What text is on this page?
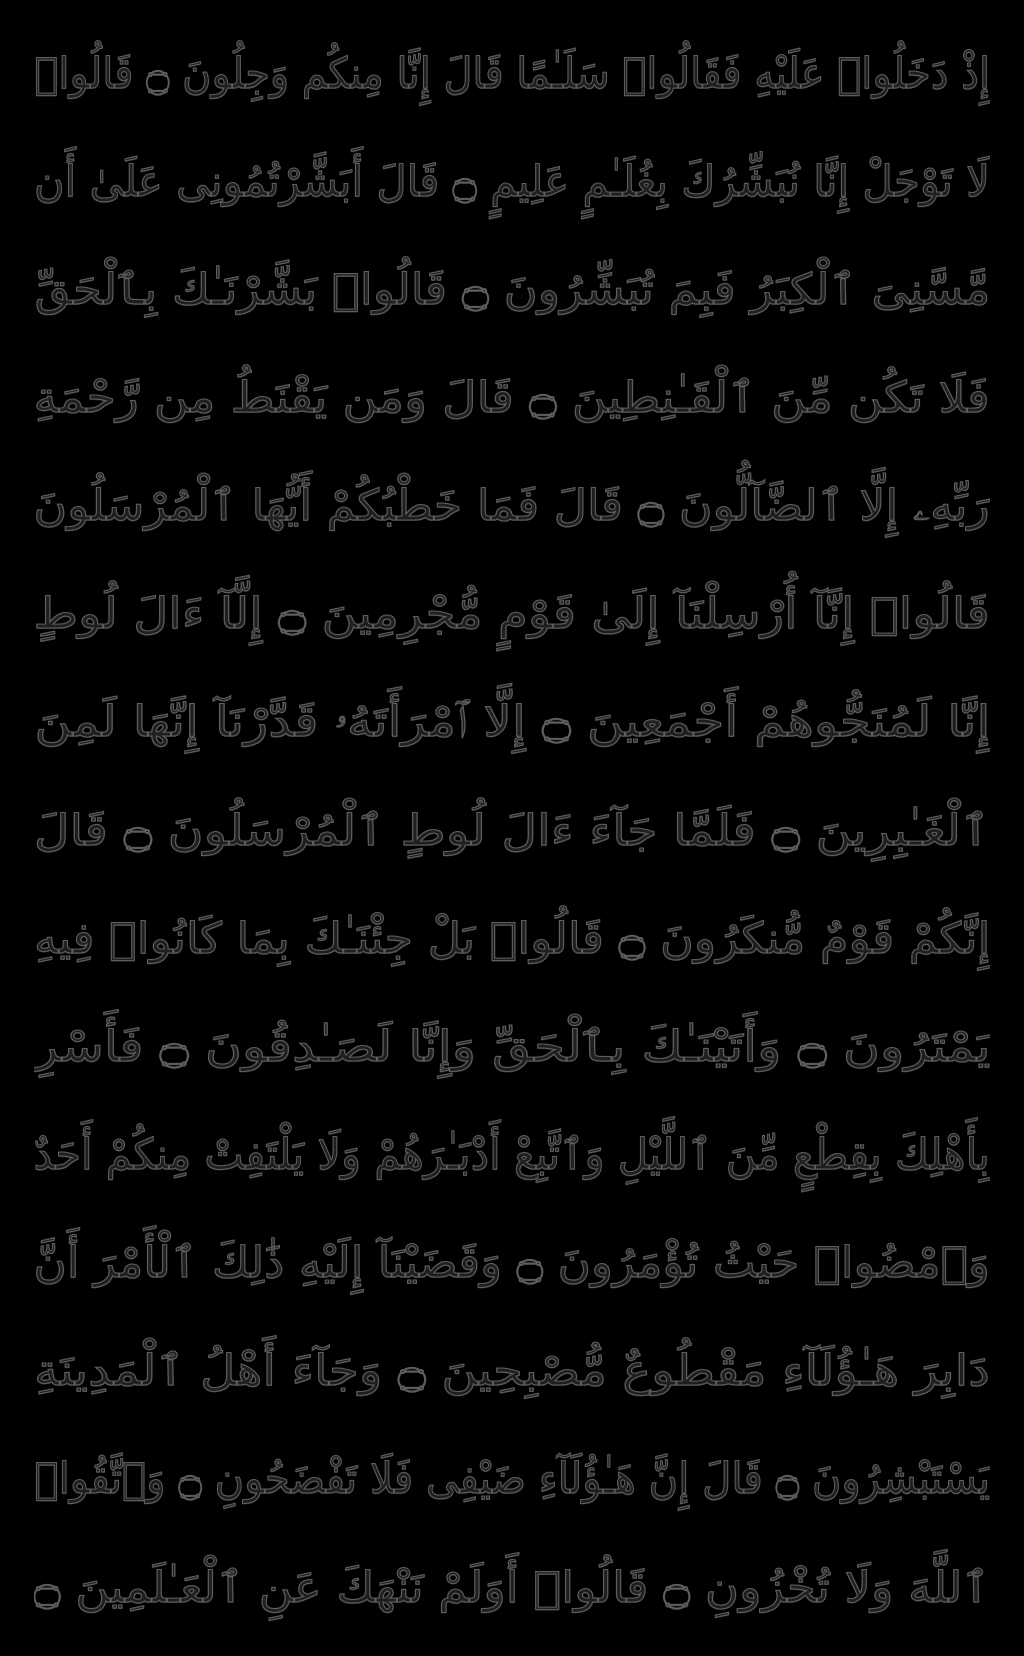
إِذْ دَخَلُوا۟ عَلَيْهِ فَقَالُوا۟ سَلَـٰمًا قَالَ إِنَّا مِنكُم وَجِلُونَ ۝ قَالُوا۟
لَا تَوْجَلْ إِنَّا نُبَشِّرُكَ بِغُلَـٰمٍ عَلِيمٍ ۝ قَالَ أَبَشَّرْتُمُونِى عَلَىٰ أَن
مَّسَّنِىَ ٱلْكِبَرُ فَبِمَ تُبَشِّرُونَ ۝ قَالُوا۟ بَشَّرْنَـٰكَ بِٱلْحَقِّ
فَلَا تَكُن مِّنَ ٱلْقَـٰنِطِينَ ۝ قَالَ وَمَن يَقْنَطُ مِن رَّحْمَةِ
رَبِّهِۦ إِلَّا ٱلضَّآلُّونَ ۝ قَالَ فَمَا خَطْبُكُمْ أَيُّهَا ٱلْمُرْسَلُونَ
قَالُوا۟ إِنَّآ أُرْسِلْنَآ إِلَىٰ قَوْمٍ مُّجْرِمِينَ ۝ إِلَّآ ءَالَ لُوطٍ
إِنَّا لَمُنَجُّوهُمْ أَجْمَعِينَ ۝ إِلَّا ٱمْرَأَتَهُۥ قَدَّرْنَآ إِنَّهَا لَمِنَ
ٱلْغَـٰبِرِينَ ۝ فَلَمَّا جَآءَ ءَالَ لُوطٍ ٱلْمُرْسَلُونَ ۝ قَالَ
إِنَّكُمْ قَوْمٌ مُّنكَرُونَ ۝ قَالُوا۟ بَلْ جِئْنَـٰكَ بِمَا كَانُوا۟ فِيهِ
يَمْتَرُونَ ۝ وَأَتَيْنَـٰكَ بِٱلْحَقِّ وَإِنَّا لَصَـٰدِقُونَ ۝ فَأَسْرِ
بِأَهْلِكَ بِقِطْعٍ مِّنَ ٱللَّيْلِ وَٱتَّبِعْ أَدْبَـٰرَهُمْ وَلَا يَلْتَفِتْ مِنكُمْ أَحَدٌ
وَٱمْضُوا۟ حَيْثُ تُؤْمَرُونَ ۝ وَقَضَيْنَآ إِلَيْهِ ذَٰلِكَ ٱلْأَمْرَ أَنَّ
دَابِرَ هَـٰؤُلَآءِ مَقْطُوعٌ مُّصْبِحِينَ ۝ وَجَآءَ أَهْلُ ٱلْمَدِينَةِ
يَسْتَبْشِرُونَ ۝ قَالَ إِنَّ هَـٰؤُلَآءِ ضَيْفِى فَلَا تَفْضَحُونِ ۝ وَٱتَّقُوا۟
ٱللَّهَ وَلَا تُخْزُونِ ۝ قَالُوا۟ أَوَلَمْ نَنْهَكَ عَنِ ٱلْعَـٰلَمِينَ ۝
